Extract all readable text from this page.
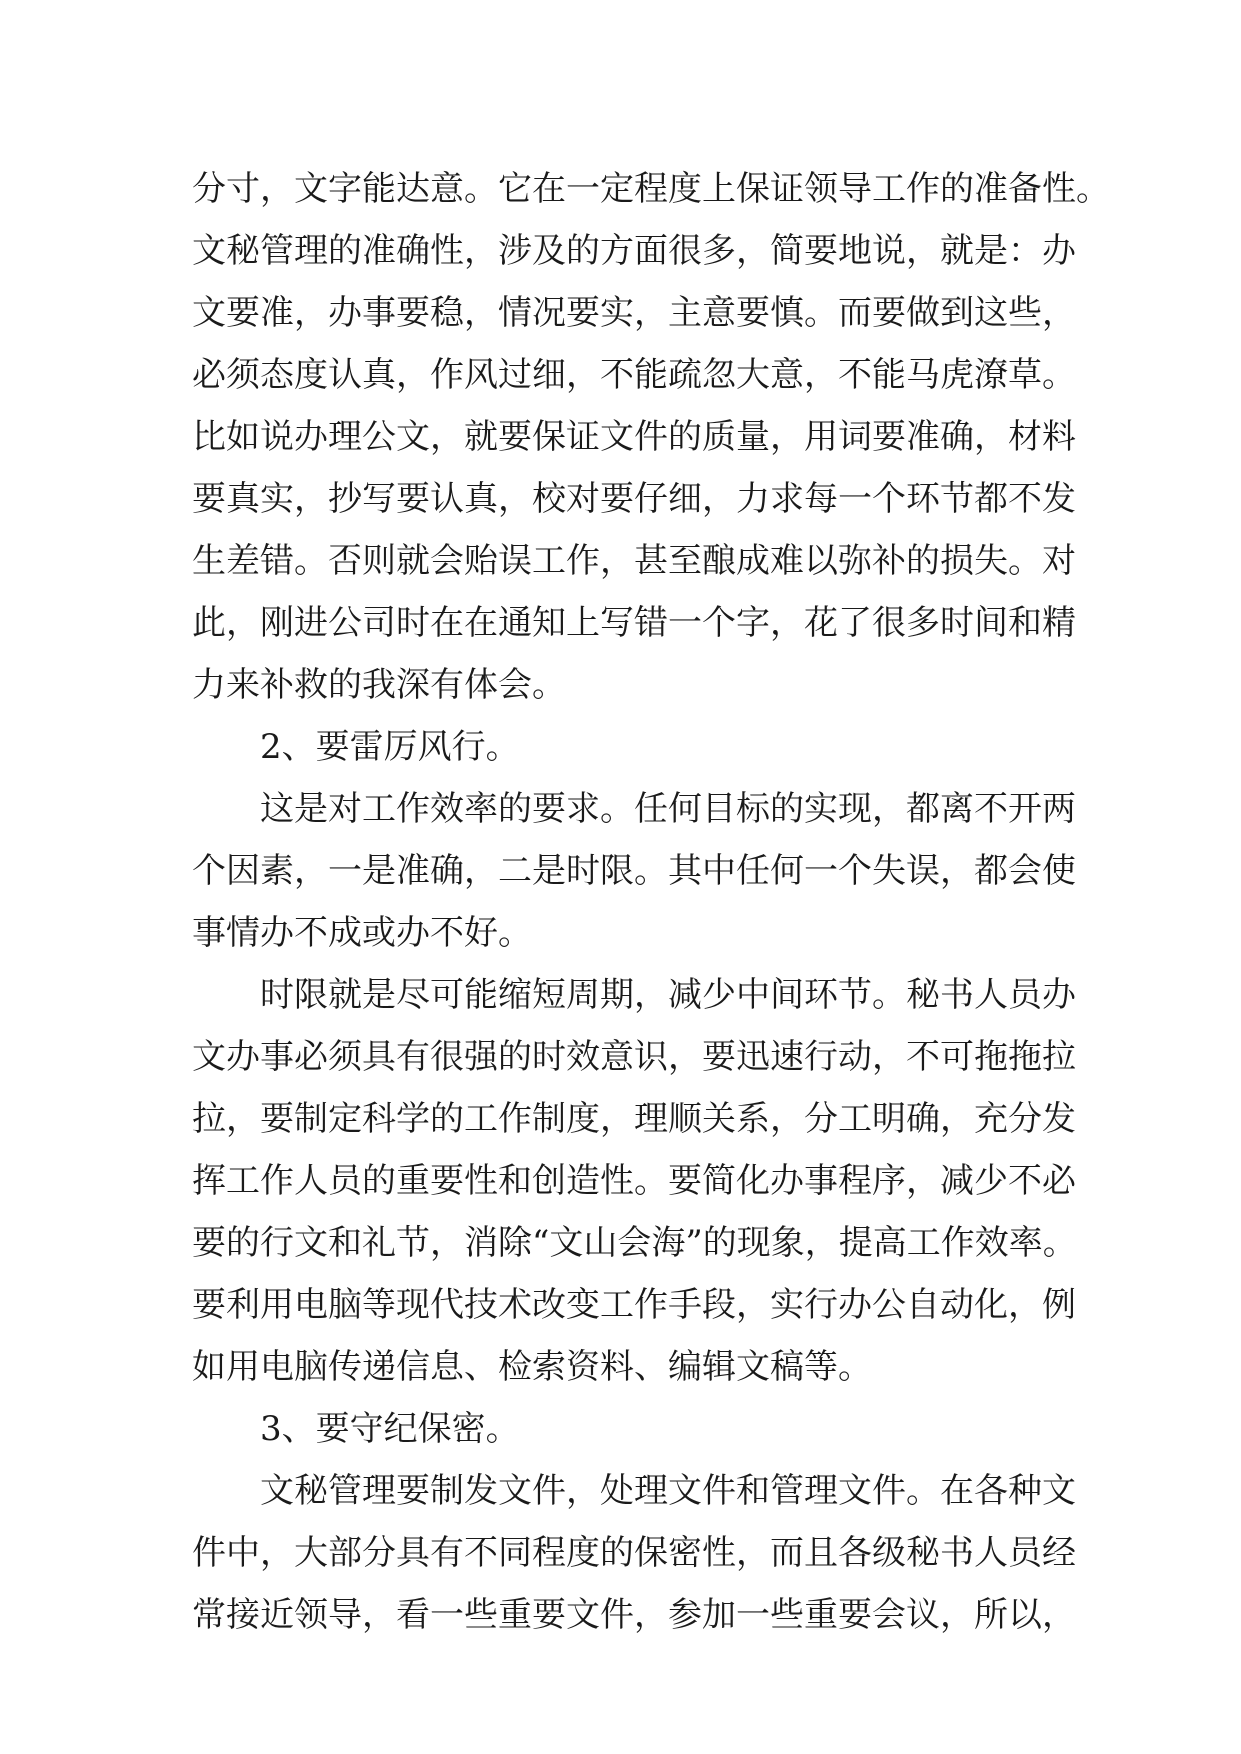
分寸，文字能达意。它在一定程度上保证领导工作的准备性。
文秘管理的准确性，涉及的方面很多，简要地说，就是：办
文要准，办事要稳，情况要实，主意要慎。而要做到这些，
必须态度认真，作风过细，不能疏忽大意，不能马虎潦草。
比如说办理公文，就要保证文件的质量，用词要准确，材料
要真实，抄写要认真，校对要仔细，力求每一个环节都不发
生差错。否则就会贻误工作，甚至酿成难以弥补的损失。对
此，刚进公司时在在通知上写错一个字，花了很多时间和精
力来补救的我深有体会。
2、要雷厉风行。
这是对工作效率的要求。任何目标的实现，都离不开两
个因素，一是准确，二是时限。其中任何一个失误，都会使
事情办不成或办不好。
时限就是尽可能缩短周期，减少中间环节。秘书人员办
文办事必须具有很强的时效意识，要迅速行动，不可拖拖拉
拉，要制定科学的工作制度，理顺关系，分工明确，充分发
挥工作人员的重要性和创造性。要简化办事程序，减少不必
要的行文和礼节，消除“文山会海”的现象，提高工作效率。
要利用电脑等现代技术改变工作手段，实行办公自动化，例
如用电脑传递信息、检索资料、编辑文稿等。
3、要守纪保密。
文秘管理要制发文件，处理文件和管理文件。在各种文
件中，大部分具有不同程度的保密性，而且各级秘书人员经
常接近领导，看一些重要文件，参加一些重要会议，所以，
